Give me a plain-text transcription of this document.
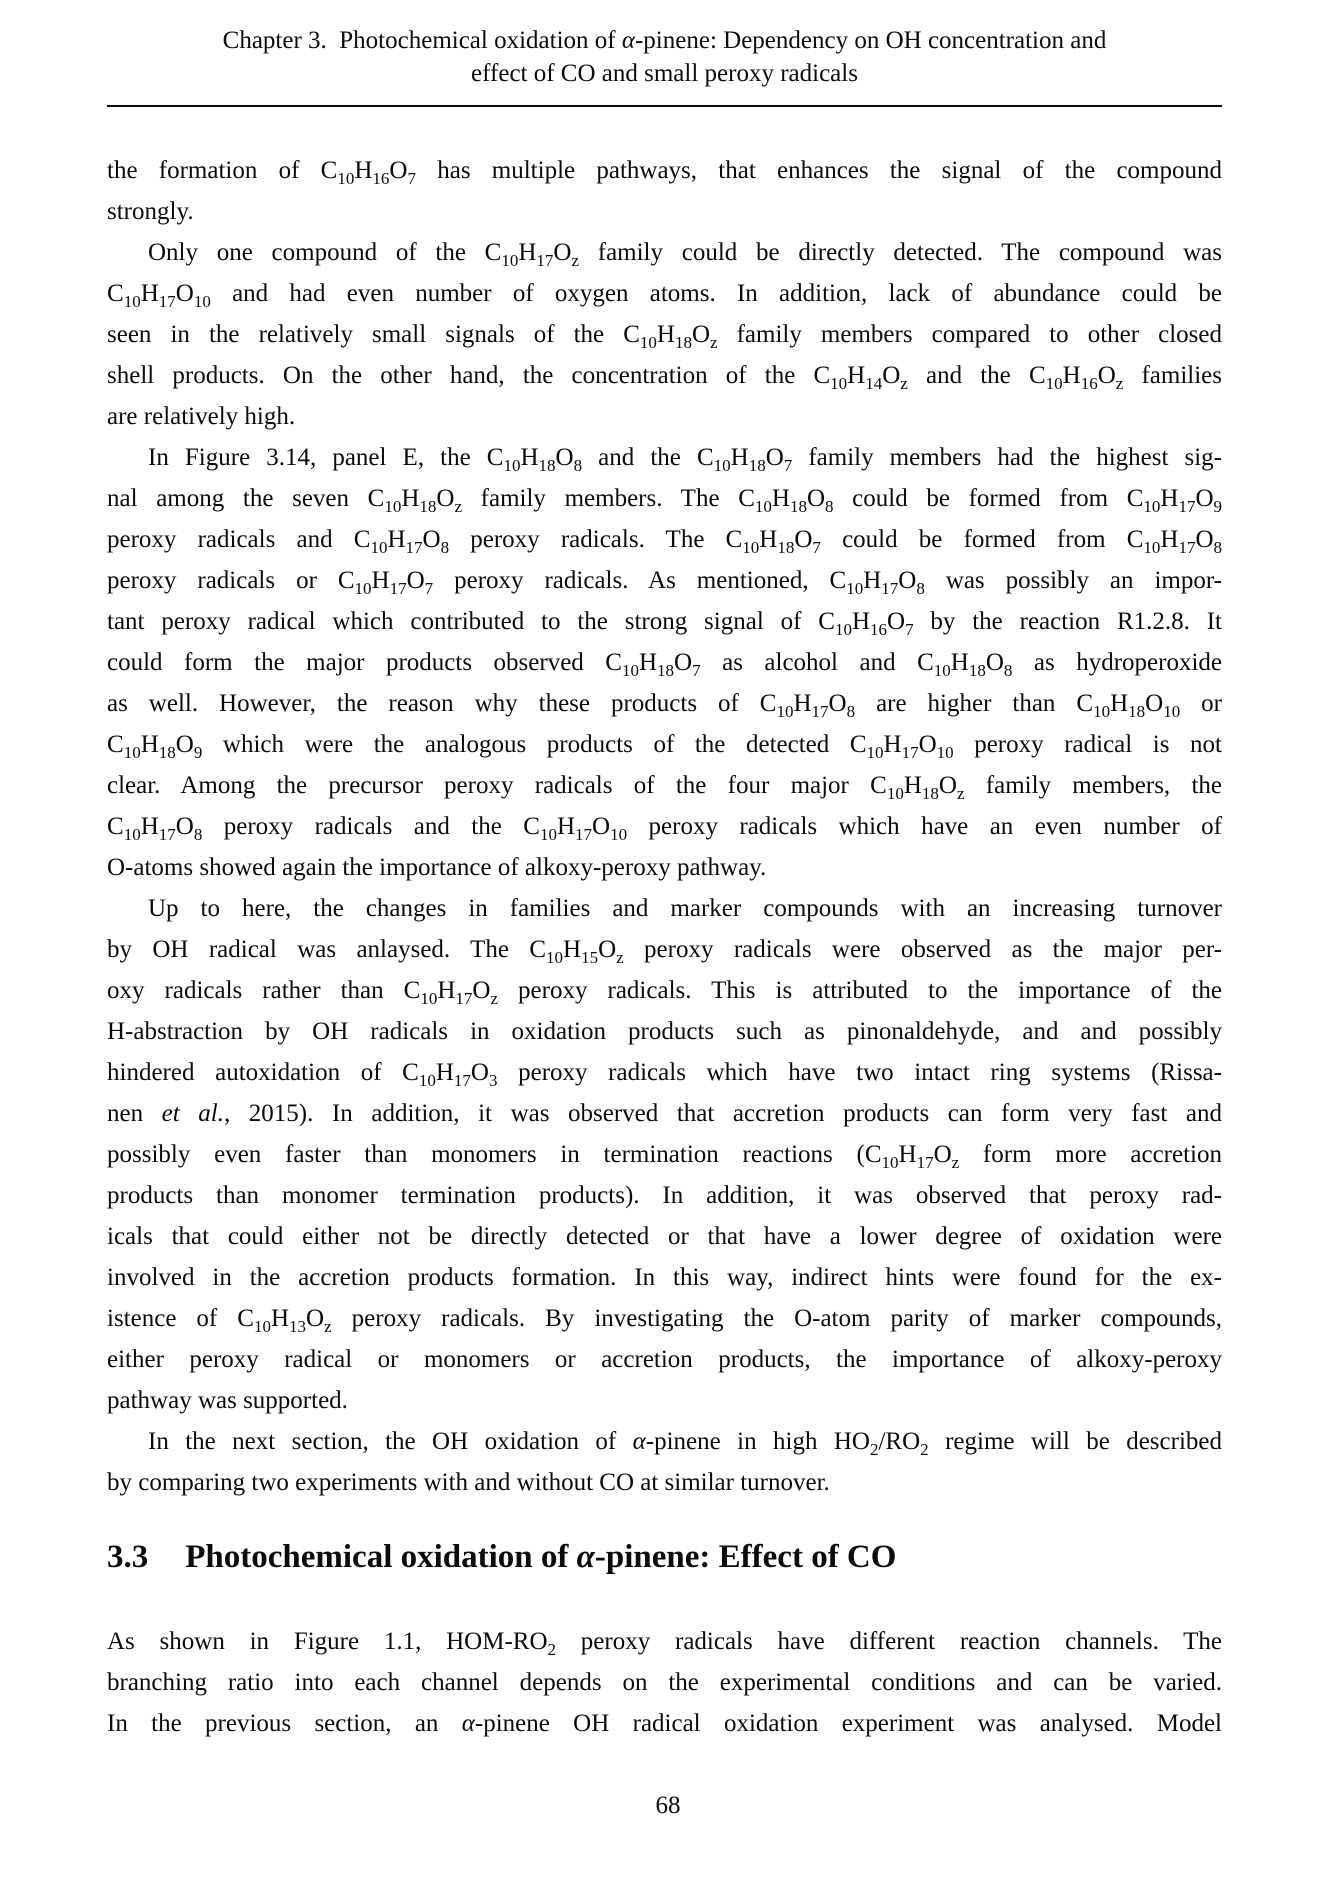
Chapter 3. Photochemical oxidation of α-pinene: Dependency on OH concentration and
effect of CO and small peroxy radicals
the formation of $C_{10}H_{16}O_7$ has multiple pathways, that enhances the signal of the compound
strongly.
Only one compound of the $C_{10}H_{17}O_z$ family could be directly detected. The compound was
$C_{10}H_{17}O_{10}$ and had even number of oxygen atoms. In addition, lack of abundance could be
seen in the relatively small signals of the $C_{10}H_{18}O_z$ family members compared to other closed
shell products. On the other hand, the concentration of the $C_{10}H_{14}O_z$ and the $C_{10}H_{16}O_z$ families
are relatively high.
In Figure 3.14, panel E, the $C_{10}H_{18}O_8$ and the $C_{10}H_{18}O_7$ family members had the highest sig-
nal among the seven $C_{10}H_{18}O_z$ family members. The $C_{10}H_{18}O_8$ could be formed from $C_{10}H_{17}O_9$
peroxy radicals and $C_{10}H_{17}O_8$ peroxy radicals. The $C_{10}H_{18}O_7$ could be formed from $C_{10}H_{17}O_8$
peroxy radicals or $C_{10}H_{17}O_7$ peroxy radicals. As mentioned, $C_{10}H_{17}O_8$ was possibly an impor-
tant peroxy radical which contributed to the strong signal of $C_{10}H_{16}O_7$ by the reaction R1.2.8. It
could form the major products observed $C_{10}H_{18}O_7$ as alcohol and $C_{10}H_{18}O_8$ as hydroperoxide
as well. However, the reason why these products of $C_{10}H_{17}O_8$ are higher than $C_{10}H_{18}O_{10}$ or
$C_{10}H_{18}O_9$ which were the analogous products of the detected $C_{10}H_{17}O_{10}$ peroxy radical is not
clear. Among the precursor peroxy radicals of the four major $C_{10}H_{18}O_z$ family members, the
$C_{10}H_{17}O_8$ peroxy radicals and the $C_{10}H_{17}O_{10}$ peroxy radicals which have an even number of
O-atoms showed again the importance of alkoxy-peroxy pathway.
Up to here, the changes in families and marker compounds with an increasing turnover
by OH radical was anlaysed. The $C_{10}H_{15}O_z$ peroxy radicals were observed as the major per-
oxy radicals rather than $C_{10}H_{17}O_z$ peroxy radicals. This is attributed to the importance of the
H-abstraction by OH radicals in oxidation products such as pinonaldehyde, and and possibly
hindered autoxidation of $C_{10}H_{17}O_3$ peroxy radicals which have two intact ring systems (Rissa-
nen et al., 2015). In addition, it was observed that accretion products can form very fast and
possibly even faster than monomers in termination reactions ($C_{10}H_{17}O_z$ form more accretion
products than monomer termination products). In addition, it was observed that peroxy rad-
icals that could either not be directly detected or that have a lower degree of oxidation were
involved in the accretion products formation. In this way, indirect hints were found for the ex-
istence of $C_{10}H_{13}O_z$ peroxy radicals. By investigating the O-atom parity of marker compounds,
either peroxy radical or monomers or accretion products, the importance of alkoxy-peroxy
pathway was supported.
In the next section, the OH oxidation of α-pinene in high $HO_2/RO_2$ regime will be described
by comparing two experiments with and without CO at similar turnover.
3.3 Photochemical oxidation of α-pinene: Effect of CO
As shown in Figure 1.1, HOM-$RO_2$ peroxy radicals have different reaction channels. The
branching ratio into each channel depends on the experimental conditions and can be varied.
In the previous section, an α-pinene OH radical oxidation experiment was analysed. Model
68
